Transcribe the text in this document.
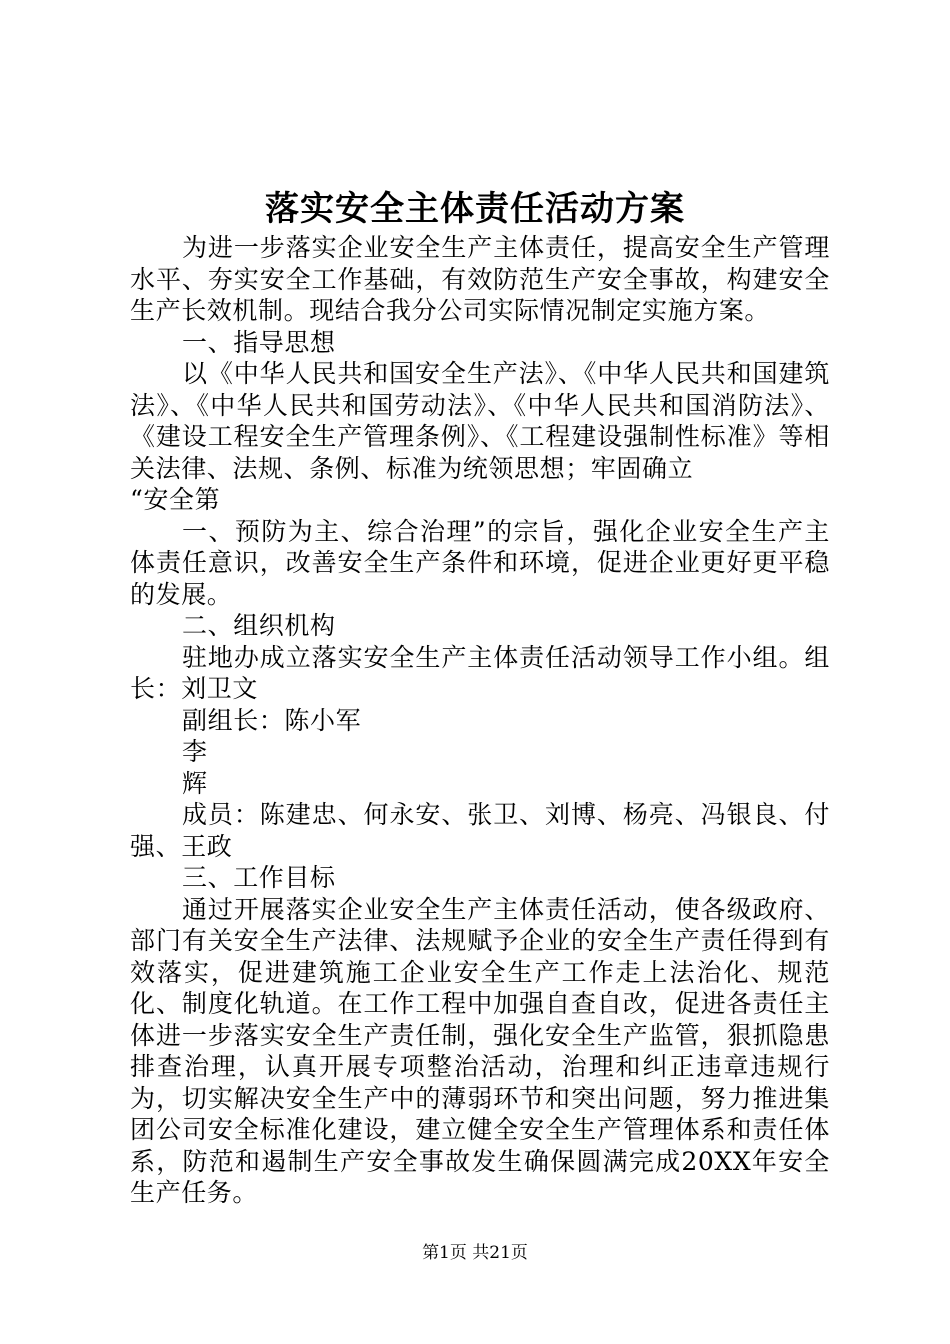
落实安全主体责任活动方案

为进一步落实企业安全生产主体责任，提高安全生产管理水平、夯实安全工作基础，有效防范生产安全事故，构建安全生产长效机制。现结合我分公司实际情况制定实施方案。

一、指导思想

以《中华人民共和国安全生产法》、《中华人民共和国建筑法》、《中华人民共和国劳动法》、《中华人民共和国消防法》、《建设工程安全生产管理条例》、《工程建设强制性标准》等相关法律、法规、条例、标准为统领思想；牢固确立

“安全第

一、预防为主、综合治理”的宗旨，强化企业安全生产主体责任意识，改善安全生产条件和环境，促进企业更好更平稳的发展。

二、组织机构

驻地办成立落实安全生产主体责任活动领导工作小组。组长：刘卫文

副组长：陈小军

李

辉

成员：陈建忠、何永安、张卫、刘博、杨亮、冯银良、付强、王政

三、工作目标

通过开展落实企业安全生产主体责任活动，使各级政府、部门有关安全生产法律、法规赋予企业的安全生产责任得到有效落实，促进建筑施工企业安全生产工作走上法治化、规范化、制度化轨道。在工作工程中加强自查自改，促进各责任主体进一步落实安全生产责任制，强化安全生产监管，狠抓隐患排查治理，认真开展专项整治活动，治理和纠正违章违规行为，切实解决安全生产中的薄弱环节和突出问题，努力推进集团公司安全标准化建设，建立健全安全生产管理体系和责任体系，防范和遏制生产安全事故发生确保圆满完成20XX年安全生产任务。

第1页 共21页
